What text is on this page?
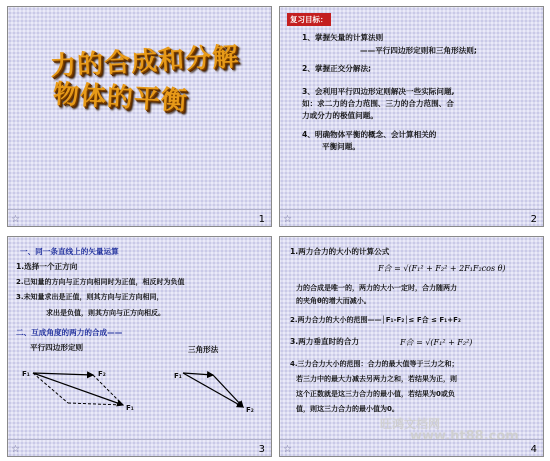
力的合成和分解
物体的平衡
☆	1
复习目标：
1、掌握矢量的计算法则
——平行四边形定则和三角形法则;
2、掌握正交分解法;
3、会利用平行四边形定则解决一些实际问题,
如：求二力的合力范围、三力的合力范围、合
力或分力的极值问题。
4、明确物体平衡的概念、会计算相关的
平衡问题。
☆	2
一、同一条直线上的矢量运算
1.选择一个正方向
2.已知量的方向与正方向相同时为正值，相反时为负值
3.未知量求出是正值，则其方向与正方向相同，
求出是负值，则其方向与正方向相反。
二、互成角度的两力的合成——
平行四边形定则	三角形法
F₁	F₂
F₁
F₁
F₂
☆	3
1.两力合力的大小的计算公式
F合 = √(F₁² + F₂² + 2F₁F₂cos θ)
力的合成是唯一的，两力的大小一定时，合力随两力
的夹角θ的增大而减小。
2.两力合力的大小的范围——│F₁-F₂│≤ F合 ≤ F₁+F₂
3.两力垂直时的合力	F合 = √(F₁² + F₂²)
4.三力合力大小的范围：合力的最大值等于三力之和；
若三力中的最大力减去另两力之和，若结果为正，则
这个正数就是这三力合力的最小值，若结果为0或负
值，则这三力合力的最小值为0。
旺鸿文档网
www.ht88.com
☆	4
